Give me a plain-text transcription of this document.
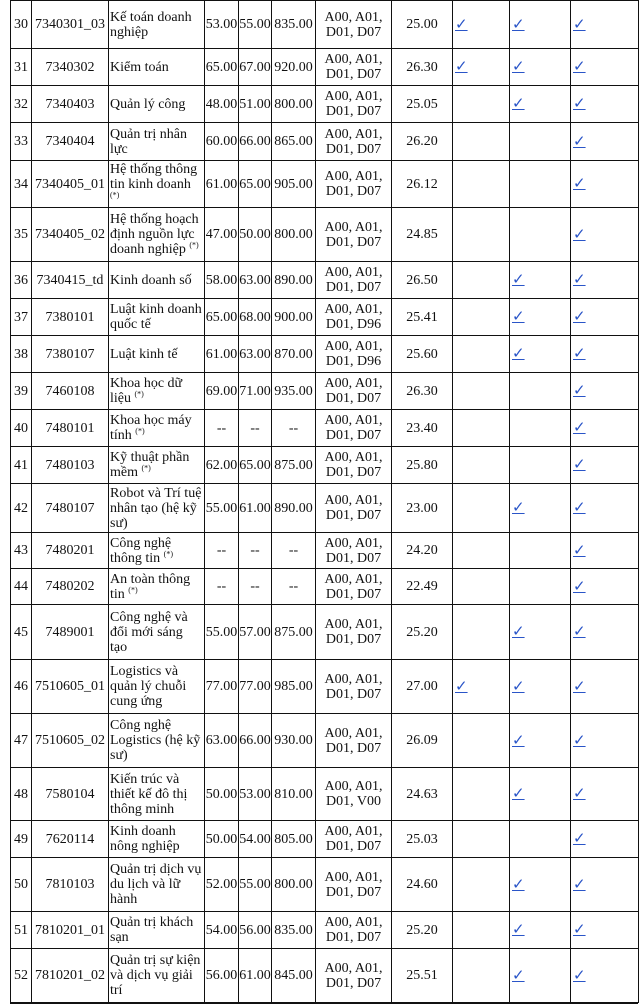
30	7340301_03	Kế toán doanh nghiệp	53.00	55.00	835.00	A00, A01, D01, D07	25.00	✓	✓	✓
31	7340302	Kiểm toán	65.00	67.00	920.00	A00, A01, D01, D07	26.30	✓	✓	✓
32	7340403	Quản lý công	48.00	51.00	800.00	A00, A01, D01, D07	25.05		✓	✓
33	7340404	Quản trị nhân lực	60.00	66.00	865.00	A00, A01, D01, D07	26.20			✓
34	7340405_01	Hệ thống thông tin kinh doanh (*)	61.00	65.00	905.00	A00, A01, D01, D07	26.12			✓
35	7340405_02	Hệ thống hoạch định nguồn lực doanh nghiệp (*)	47.00	50.00	800.00	A00, A01, D01, D07	24.85			✓
36	7340415_td	Kinh doanh số	58.00	63.00	890.00	A00, A01, D01, D07	26.50		✓	✓
37	7380101	Luật kinh doanh quốc tế	65.00	68.00	900.00	A00, A01, D01, D96	25.41		✓	✓
38	7380107	Luật kinh tế	61.00	63.00	870.00	A00, A01, D01, D96	25.60		✓	✓
39	7460108	Khoa học dữ liệu (*)	69.00	71.00	935.00	A00, A01, D01, D07	26.30			✓
40	7480101	Khoa học máy tính (*)	--	--	--	A00, A01, D01, D07	23.40			✓
41	7480103	Kỹ thuật phần mềm (*)	62.00	65.00	875.00	A00, A01, D01, D07	25.80			✓
42	7480107	Robot và Trí tuệ nhân tạo (hệ kỹ sư)	55.00	61.00	890.00	A00, A01, D01, D07	23.00		✓	✓
43	7480201	Công nghệ thông tin (*)	--	--	--	A00, A01, D01, D07	24.20			✓
44	7480202	An toàn thông tin (*)	--	--	--	A00, A01, D01, D07	22.49			✓
45	7489001	Công nghệ và đổi mới sáng tạo	55.00	57.00	875.00	A00, A01, D01, D07	25.20		✓	✓
46	7510605_01	Logistics và quản lý chuỗi cung ứng	77.00	77.00	985.00	A00, A01, D01, D07	27.00	✓	✓	✓
47	7510605_02	Công nghệ Logistics (hệ kỹ sư)	63.00	66.00	930.00	A00, A01, D01, D07	26.09		✓	✓
48	7580104	Kiến trúc và thiết kế đô thị thông minh	50.00	53.00	810.00	A00, A01, D01, V00	24.63		✓	✓
49	7620114	Kinh doanh nông nghiệp	50.00	54.00	805.00	A00, A01, D01, D07	25.03			✓
50	7810103	Quản trị dịch vụ du lịch và lữ hành	52.00	55.00	800.00	A00, A01, D01, D07	24.60		✓	✓
51	7810201_01	Quản trị khách sạn	54.00	56.00	835.00	A00, A01, D01, D07	25.20		✓	✓
52	7810201_02	Quản trị sự kiện và dịch vụ giải trí	56.00	61.00	845.00	A00, A01, D01, D07	25.51		✓	✓
